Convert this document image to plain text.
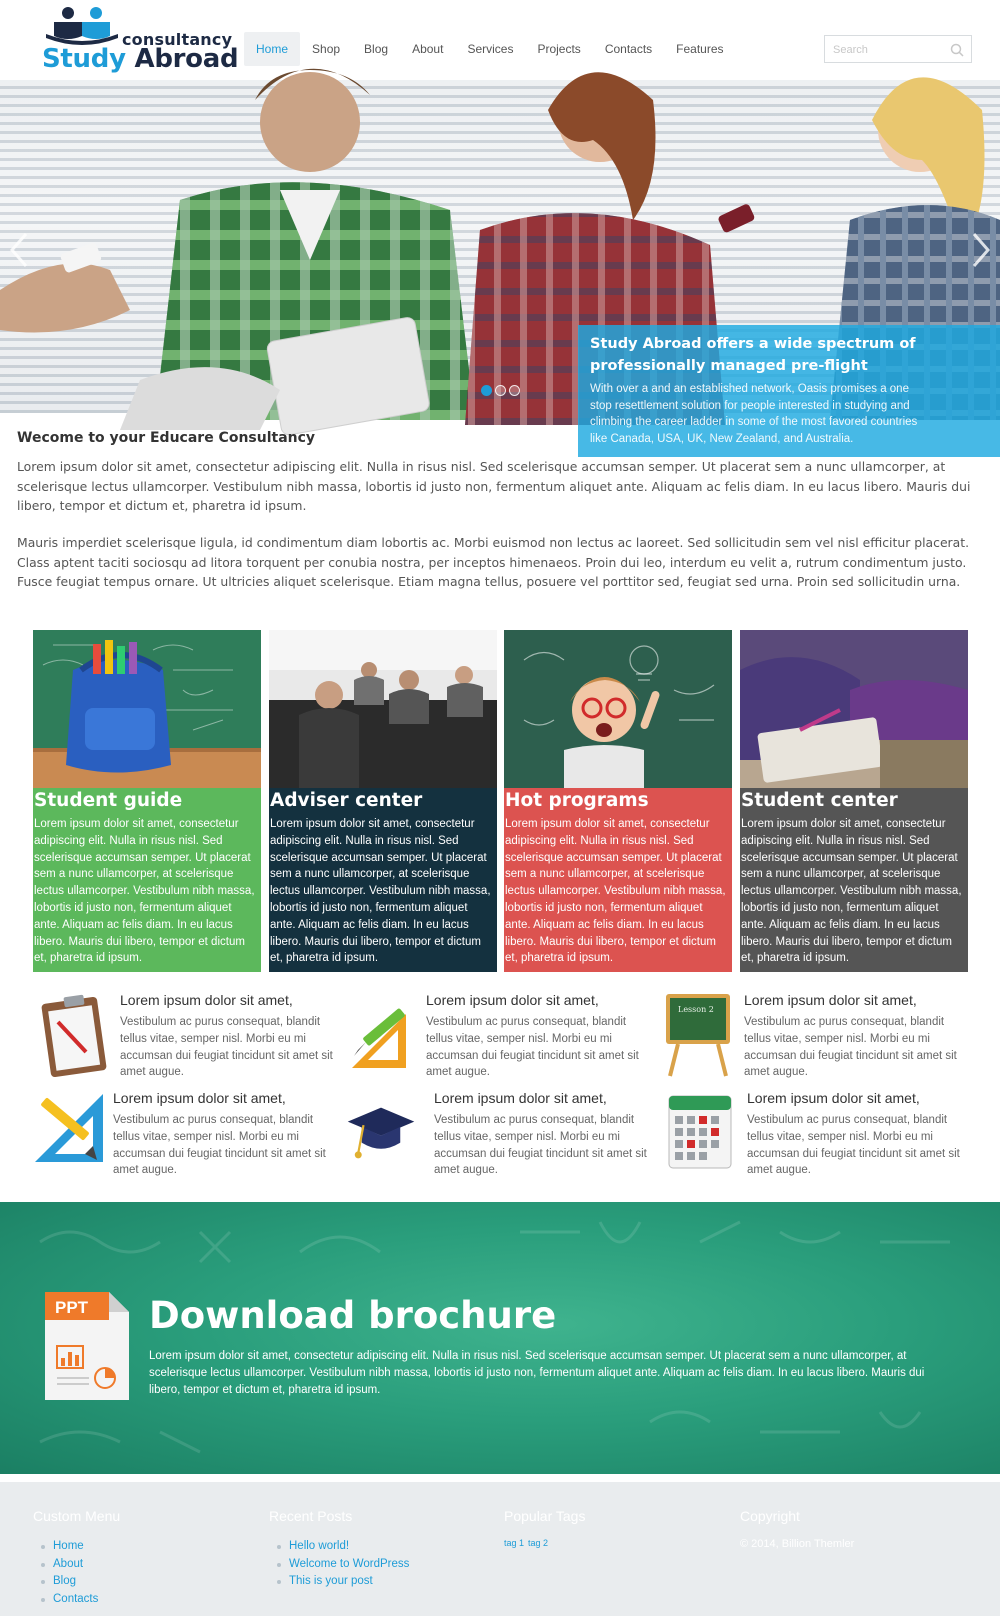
consultancy
Study Abroad	Home	Shop	Blog	About	Services	Projects	Contacts	Features
Search
Study Abroad offers a wide spectrum of professionally managed pre-flight

With over a and an established network, Oasis promises a one stop resettlement solution for people interested in studying and climbing the career ladder in some of the most favored countries like Canada, USA, UK, New Zealand, and Australia.

Wecome to your Educare Consultancy

Lorem ipsum dolor sit amet, consectetur adipiscing elit. Nulla in risus nisl. Sed scelerisque accumsan semper. Ut placerat sem a nunc ullamcorper, at scelerisque lectus ullamcorper. Vestibulum nibh massa, lobortis id justo non, fermentum aliquet ante. Aliquam ac felis diam. In eu lacus libero. Mauris dui libero, tempor et dictum et, pharetra id ipsum.

Mauris imperdiet scelerisque ligula, id condimentum diam lobortis ac. Morbi euismod non lectus ac laoreet. Sed sollicitudin sem vel nisl efficitur placerat. Class aptent taciti sociosqu ad litora torquent per conubia nostra, per inceptos himenaeos. Proin dui leo, interdum eu velit a, rutrum condimentum justo. Fusce feugiat tempus ornare. Ut ultricies aliquet scelerisque. Etiam magna tellus, posuere vel porttitor sed, feugiat sed urna. Proin sed sollicitudin urna.

Student guide

Lorem ipsum dolor sit amet, consectetur adipiscing elit. Nulla in risus nisl. Sed scelerisque accumsan semper. Ut placerat sem a nunc ullamcorper, at scelerisque lectus ullamcorper. Vestibulum nibh massa, lobortis id justo non, fermentum aliquet ante. Aliquam ac felis diam. In eu lacus libero. Mauris dui libero, tempor et dictum et, pharetra id ipsum.

Adviser center

Lorem ipsum dolor sit amet, consectetur adipiscing elit. Nulla in risus nisl. Sed scelerisque accumsan semper. Ut placerat sem a nunc ullamcorper, at scelerisque lectus ullamcorper. Vestibulum nibh massa, lobortis id justo non, fermentum aliquet ante. Aliquam ac felis diam. In eu lacus libero. Mauris dui libero, tempor et dictum et, pharetra id ipsum.

Hot programs

Lorem ipsum dolor sit amet, consectetur adipiscing elit. Nulla in risus nisl. Sed scelerisque accumsan semper. Ut placerat sem a nunc ullamcorper, at scelerisque lectus ullamcorper. Vestibulum nibh massa, lobortis id justo non, fermentum aliquet ante. Aliquam ac felis diam. In eu lacus libero. Mauris dui libero, tempor et dictum et, pharetra id ipsum.

Student center

Lorem ipsum dolor sit amet, consectetur adipiscing elit. Nulla in risus nisl. Sed scelerisque accumsan semper. Ut placerat sem a nunc ullamcorper, at scelerisque lectus ullamcorper. Vestibulum nibh massa, lobortis id justo non, fermentum aliquet ante. Aliquam ac felis diam. In eu lacus libero. Mauris dui libero, tempor et dictum et, pharetra id ipsum.

Lorem ipsum dolor sit amet,

Vestibulum ac purus consequat, blandit tellus vitae, semper nisl. Morbi eu mi accumsan dui feugiat tincidunt sit amet sit amet augue.

Lorem ipsum dolor sit amet,

Vestibulum ac purus consequat, blandit tellus vitae, semper nisl. Morbi eu mi accumsan dui feugiat tincidunt sit amet sit amet augue.

Lesson 2
Lorem ipsum dolor sit amet,

Vestibulum ac purus consequat, blandit tellus vitae, semper nisl. Morbi eu mi accumsan dui feugiat tincidunt sit amet sit amet augue.

Lorem ipsum dolor sit amet,

Vestibulum ac purus consequat, blandit tellus vitae, semper nisl. Morbi eu mi accumsan dui feugiat tincidunt sit amet sit amet augue.

Lorem ipsum dolor sit amet,

Vestibulum ac purus consequat, blandit tellus vitae, semper nisl. Morbi eu mi accumsan dui feugiat tincidunt sit amet sit amet augue.

Lorem ipsum dolor sit amet,

Vestibulum ac purus consequat, blandit tellus vitae, semper nisl. Morbi eu mi accumsan dui feugiat tincidunt sit amet sit amet augue.

PPT Download brochure

Lorem ipsum dolor sit amet, consectetur adipiscing elit. Nulla in risus nisl. Sed scelerisque accumsan semper. Ut placerat sem a nunc ullamcorper, at scelerisque lectus ullamcorper. Vestibulum nibh massa, lobortis id justo non, fermentum aliquet ante. Aliquam ac felis diam. In eu lacus libero. Mauris dui libero, tempor et dictum et, pharetra id ipsum.

Custom Menu
Home
About
Blog
Contacts
Recent Posts
Hello world!
Welcome to WordPress
This is your post
Popular Tags
tag 1 tag 2
Copyright
© 2014, Billion Themler
